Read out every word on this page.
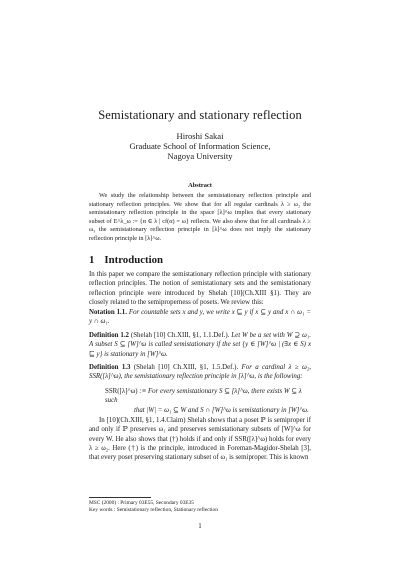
Semistationary and stationary reflection
Hiroshi Sakai
Graduate School of Information Science,
Nagoya University
Abstract
We study the relationship between the semistationary reflection principle and stationary reflection principles. We show that for all regular cardinals λ ≥ ω₂ the semistationary reflection principle in the space [λ]^ω implies that every stationary subset of E^λ_ω := {α ∈ λ | cf(α) = ω} reflects. We also show that for all cardinals λ ≥ ω₃ the semistationary reflection principle in [λ]^ω does not imply the stationary reflection principle in [λ]^ω.
1 Introduction
In this paper we compare the semistationary reflection principle with stationary reflection principles. The notion of semistationary sets and the semistationary reflection principle were introduced by Shelah [10](Ch.XIII §1). They are closely related to the semiproperness of posets. We review this:
Notation 1.1. For countable sets x and y, we write x ⊑ y if x ⊆ y and x ∩ ω₁ = y ∩ ω₁.
Definition 1.2 (Shelah [10] Ch.XIII, §1, 1.1.Def.). Let W be a set with W ⊇ ω₁. A subset S ⊆ [W]^ω is called semistationary if the set {y ∈ [W]^ω | (∃x ∈ S) x ⊑ y} is stationary in [W]^ω.
Definition 1.3 (Shelah [10] Ch.XIII, §1, 1.5.Def.). For a cardinal λ ≥ ω₂, SSR([λ]^ω), the semistationary reflection principle in [λ]^ω, is the following:
SSR([λ]^ω) :≡ For every semistationary S ⊆ [λ]^ω, there exists W ⊆ λ such
that |W| = ω₁ ⊆ W and S ∩ [W]^ω is semistationary in [W]^ω.
In [10](Ch.XIII, §1, 1.4.Claim) Shelah shows that a poset ℙ is semiproper if and only if ℙ preserves ω₁ and preserves semistationary subsets of [W]^ω for every W. He also shows that (†) holds if and only if SSR([λ]^ω) holds for every λ ≥ ω₂. Here (†) is the principle, introduced in Foreman-Magidor-Shelah [3], that every poset preserving stationary subset of ω₁ is semiproper. This is known
MSC (2000) : Primary 03E55, Secondary 03E35
Key words : Semistationary reflection, Stationary reflection
1
